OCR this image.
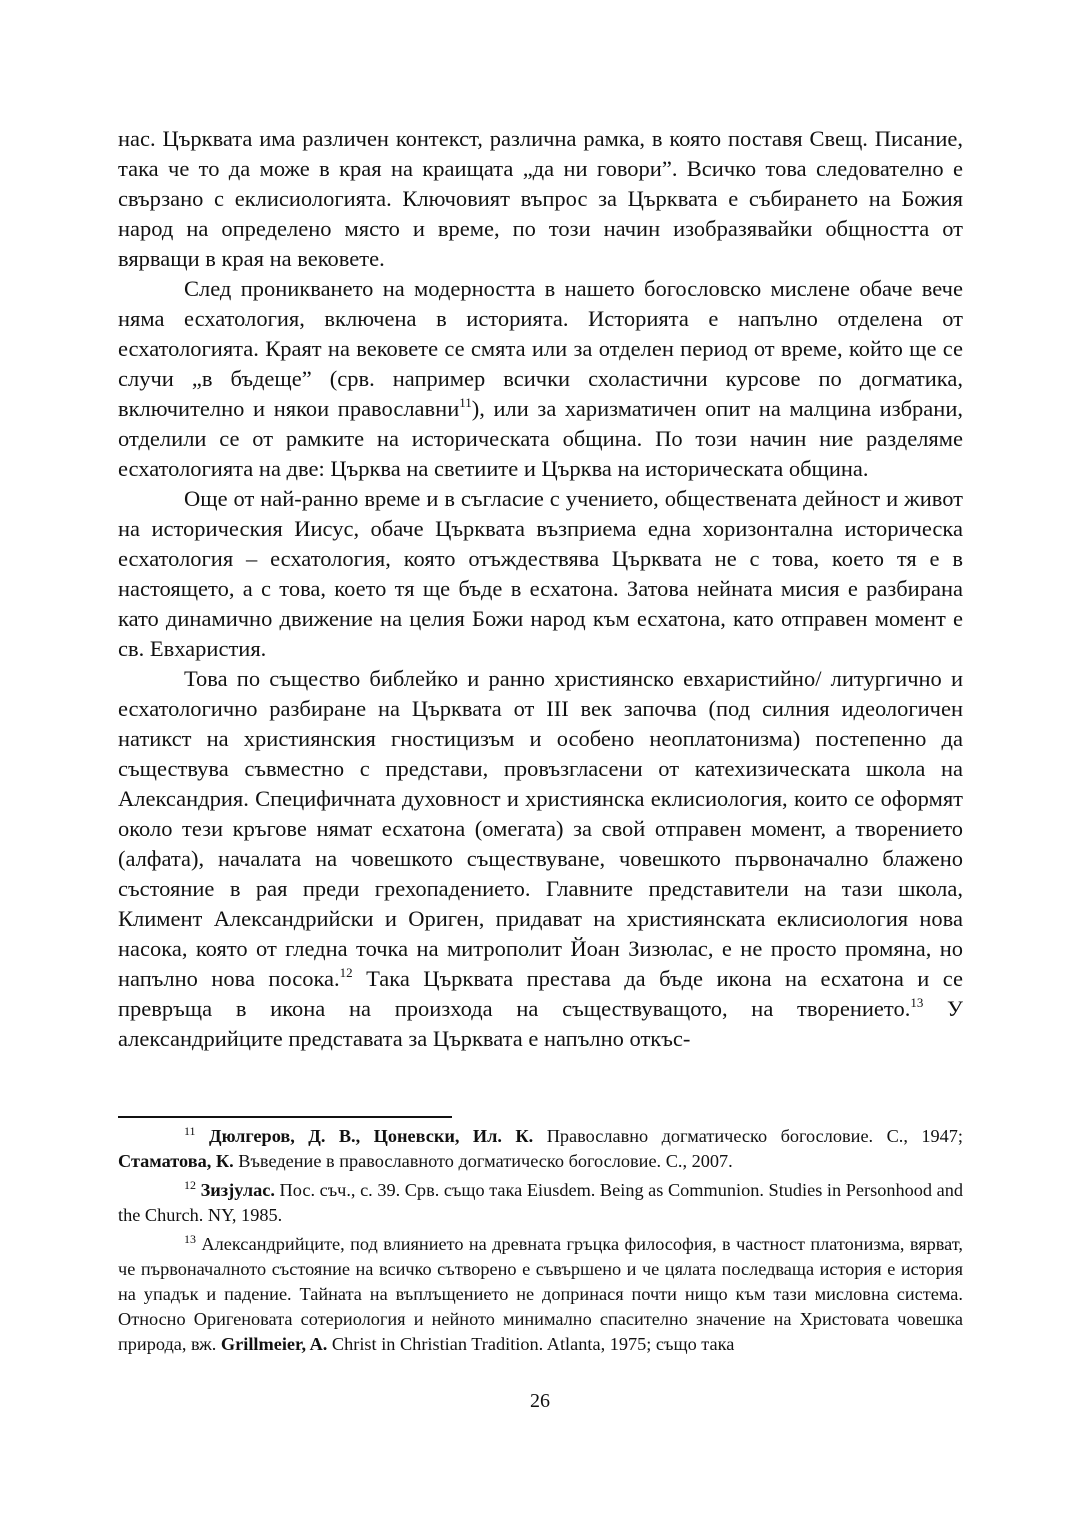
нас. Църквата има различен контекст, различна рамка, в която поставя Свещ. Писание, така че то да може в края на краищата „да ни говори”. Всичко това следователно е свързано с еклисиологията. Ключовият въпрос за Църквата е събирането на Божия народ на определено място и време, по този начин изобразявайки общността от вярващи в края на вековете.

След проникването на модерността в нашето богословско мислене обаче вече няма есхатология, включена в историята. Историята е напълно отделена от есхатологията. Краят на вековете се смята или за отделен период от време, който ще се случи „в бъдеще” (срв. например всички схоластични курсове по догматика, включително и някои православни$^{11}$), или за харизматичен опит на малцина избрани, отделили се от рамките на историческата община. По този начин ние разделяме есхатологията на две: Църква на светиите и Църква на историческата община.

Още от най-ранно време и в съгласие с учението, обществената дейност и живот на историческия Иисус, обаче Църквата възприема една хоризонтална историческа есхатология – есхатология, която отъждествява Църквата не с това, което тя е в настоящето, а с това, което тя ще бъде в есхатона. Затова нейната мисия е разбирана като динамично движение на целия Божи народ към есхатона, като отправен момент е св. Евхаристия.

Това по същество библейко и ранно християнско евхаристийно/ литургично и есхатологично разбиране на Църквата от III век започва (под силния идеологичен натикст на християнския гностицизъм и особено неоплатонизма) постепенно да съществува съвместно с представи, провъзгласени от катехизическата школа на Александрия. Специфичната духовност и християнска еклисиология, които се оформят около тези кръгове нямат есхатона (омегата) за свой отправен момент, а творението (алфата), началата на човешкото съществуване, човешкото първоначално блажено състояние в рая преди грехопадението. Главните представители на тази школа, Климент Александрийски и Ориген, придават на християнската еклисиология нова насока, която от гледна точка на митрополит Йоан Зизюлас, е не просто промяна, но напълно нова посока.$^{12}$ Така Църквата престава да бъде икона на есхатона и се превръща в икона на произхода на съществуващото, на творението.$^{13}$ У александрийците представата за Църквата е напълно откъс-

$^{11}$ Дюлгеров, Д. В., Цоневски, Ил. К. Православно догматическо богословие. С., 1947; Стаматова, К. Въведение в православното догматическо богословие. С., 2007.

$^{12}$ Зизјулас. Пос. съч., с. 39. Срв. също така Eiusdem. Being as Communion. Studies in Personhood and the Church. NY, 1985.

$^{13}$ Александрийците, под влиянието на древната гръцка философия, в частност платонизма, вярват, че първоначалното състояние на всичко сътворено е съвършено и че цялата последваща история е история на упадък и падение. Тайната на въплъщението не допринася почти нищо към тази мисловна система. Относно Оригеновата сотериология и нейното минимално спасително значение на Христовата човешка природа, вж. Grillmeier, A. Christ in Christian Tradition. Atlanta, 1975; също така

26
